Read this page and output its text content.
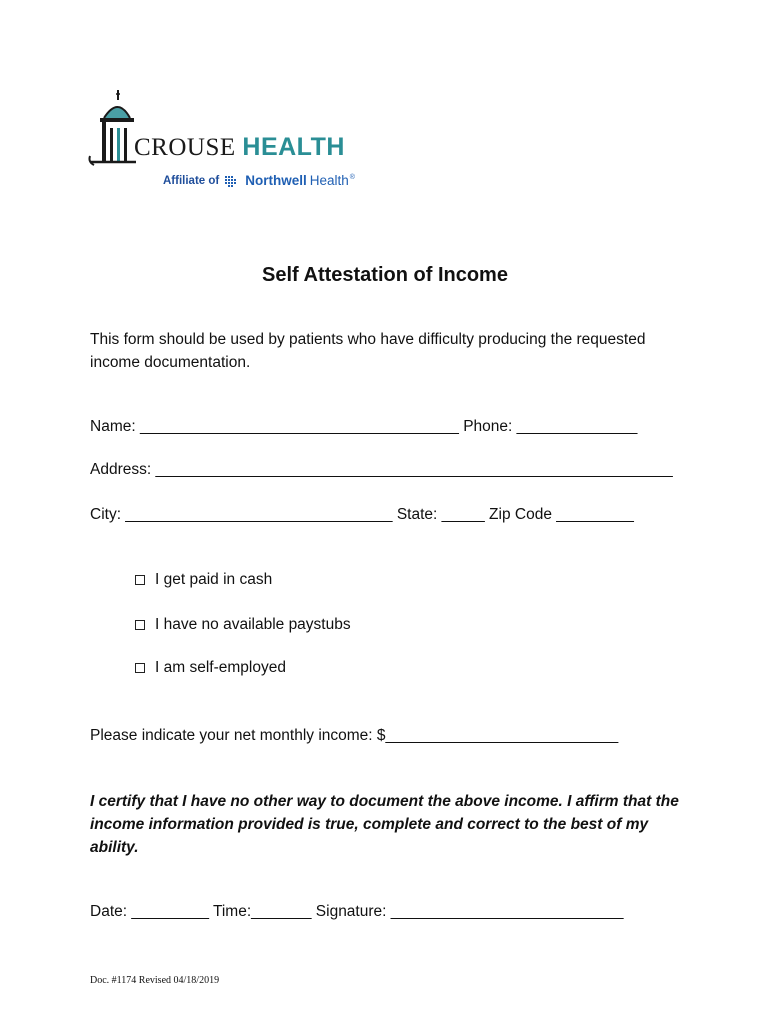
CROUSE HEALTH
Affiliate of Northwell Health ®
Self Attestation of Income
This form should be used by patients who have difficulty producing the requested income documentation.
Name: _____________________________________ Phone: ______________
Address: ____________________________________________________________
City: _______________________________ State: _____ Zip Code _________
I get paid in cash
I have no available paystubs
I am self-employed
Please indicate your net monthly income: $___________________________
I certify that I have no other way to document the above income. I affirm that the income information provided is true, complete and correct to the best of my ability.
Date: _________ Time:_______ Signature: ___________________________
Doc. #1174 Revised 04/18/2019
